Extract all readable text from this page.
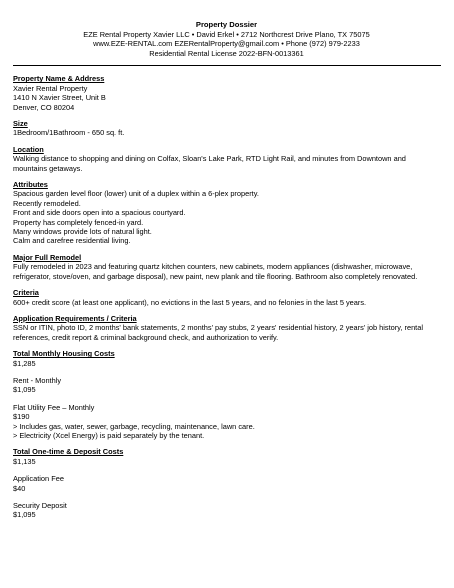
Property Dossier
EZE Rental Property Xavier LLC • David Erkel • 2712 Northcrest Drive Plano, TX 75075
www.EZE-RENTAL.com EZERentalProperty@gmail.com • Phone (972) 979-2233
Residential Rental License 2022-BFN-0013361
Property Name & Address

Xavier Rental Property

1410 N Xavier Street, Unit B

Denver, CO 80204

Size

1Bedroom/1Bathroom - 650 sq. ft.

Location

Walking distance to shopping and dining on Colfax, Sloan's Lake Park, RTD Light Rail, and minutes from Downtown and mountains getaways.

Attributes

Spacious garden level floor (lower) unit of a duplex within a 6-plex property.

Recently remodeled.

Front and side doors open into a spacious courtyard.

Property has completely fenced-in yard.

Many windows provide lots of natural light.

Calm and carefree residential living.

Major Full Remodel

Fully remodeled in 2023 and featuring quartz kitchen counters, new cabinets, modern appliances (dishwasher, microwave, refrigerator, stove/oven, and garbage disposal), new paint, new plank and tile flooring. Bathroom also completely renovated.

Criteria

600+ credit score (at least one applicant), no evictions in the last 5 years, and no felonies in the last 5 years.

Application Requirements / Criteria

SSN or ITIN, photo ID, 2 months' bank statements, 2 months' pay stubs, 2 years' residential history, 2 years' job history, rental references, credit report & criminal background check, and authorization to verify.

Total Monthly Housing Costs

$1,285

Rent - Monthly

$1,095

Flat Utility Fee – Monthly

$190

> Includes gas, water, sewer, garbage, recycling, maintenance, lawn care.

> Electricity (Xcel Energy) is paid separately by the tenant.

Total One-time & Deposit Costs

$1,135

Application Fee

$40

Security Deposit

$1,095
